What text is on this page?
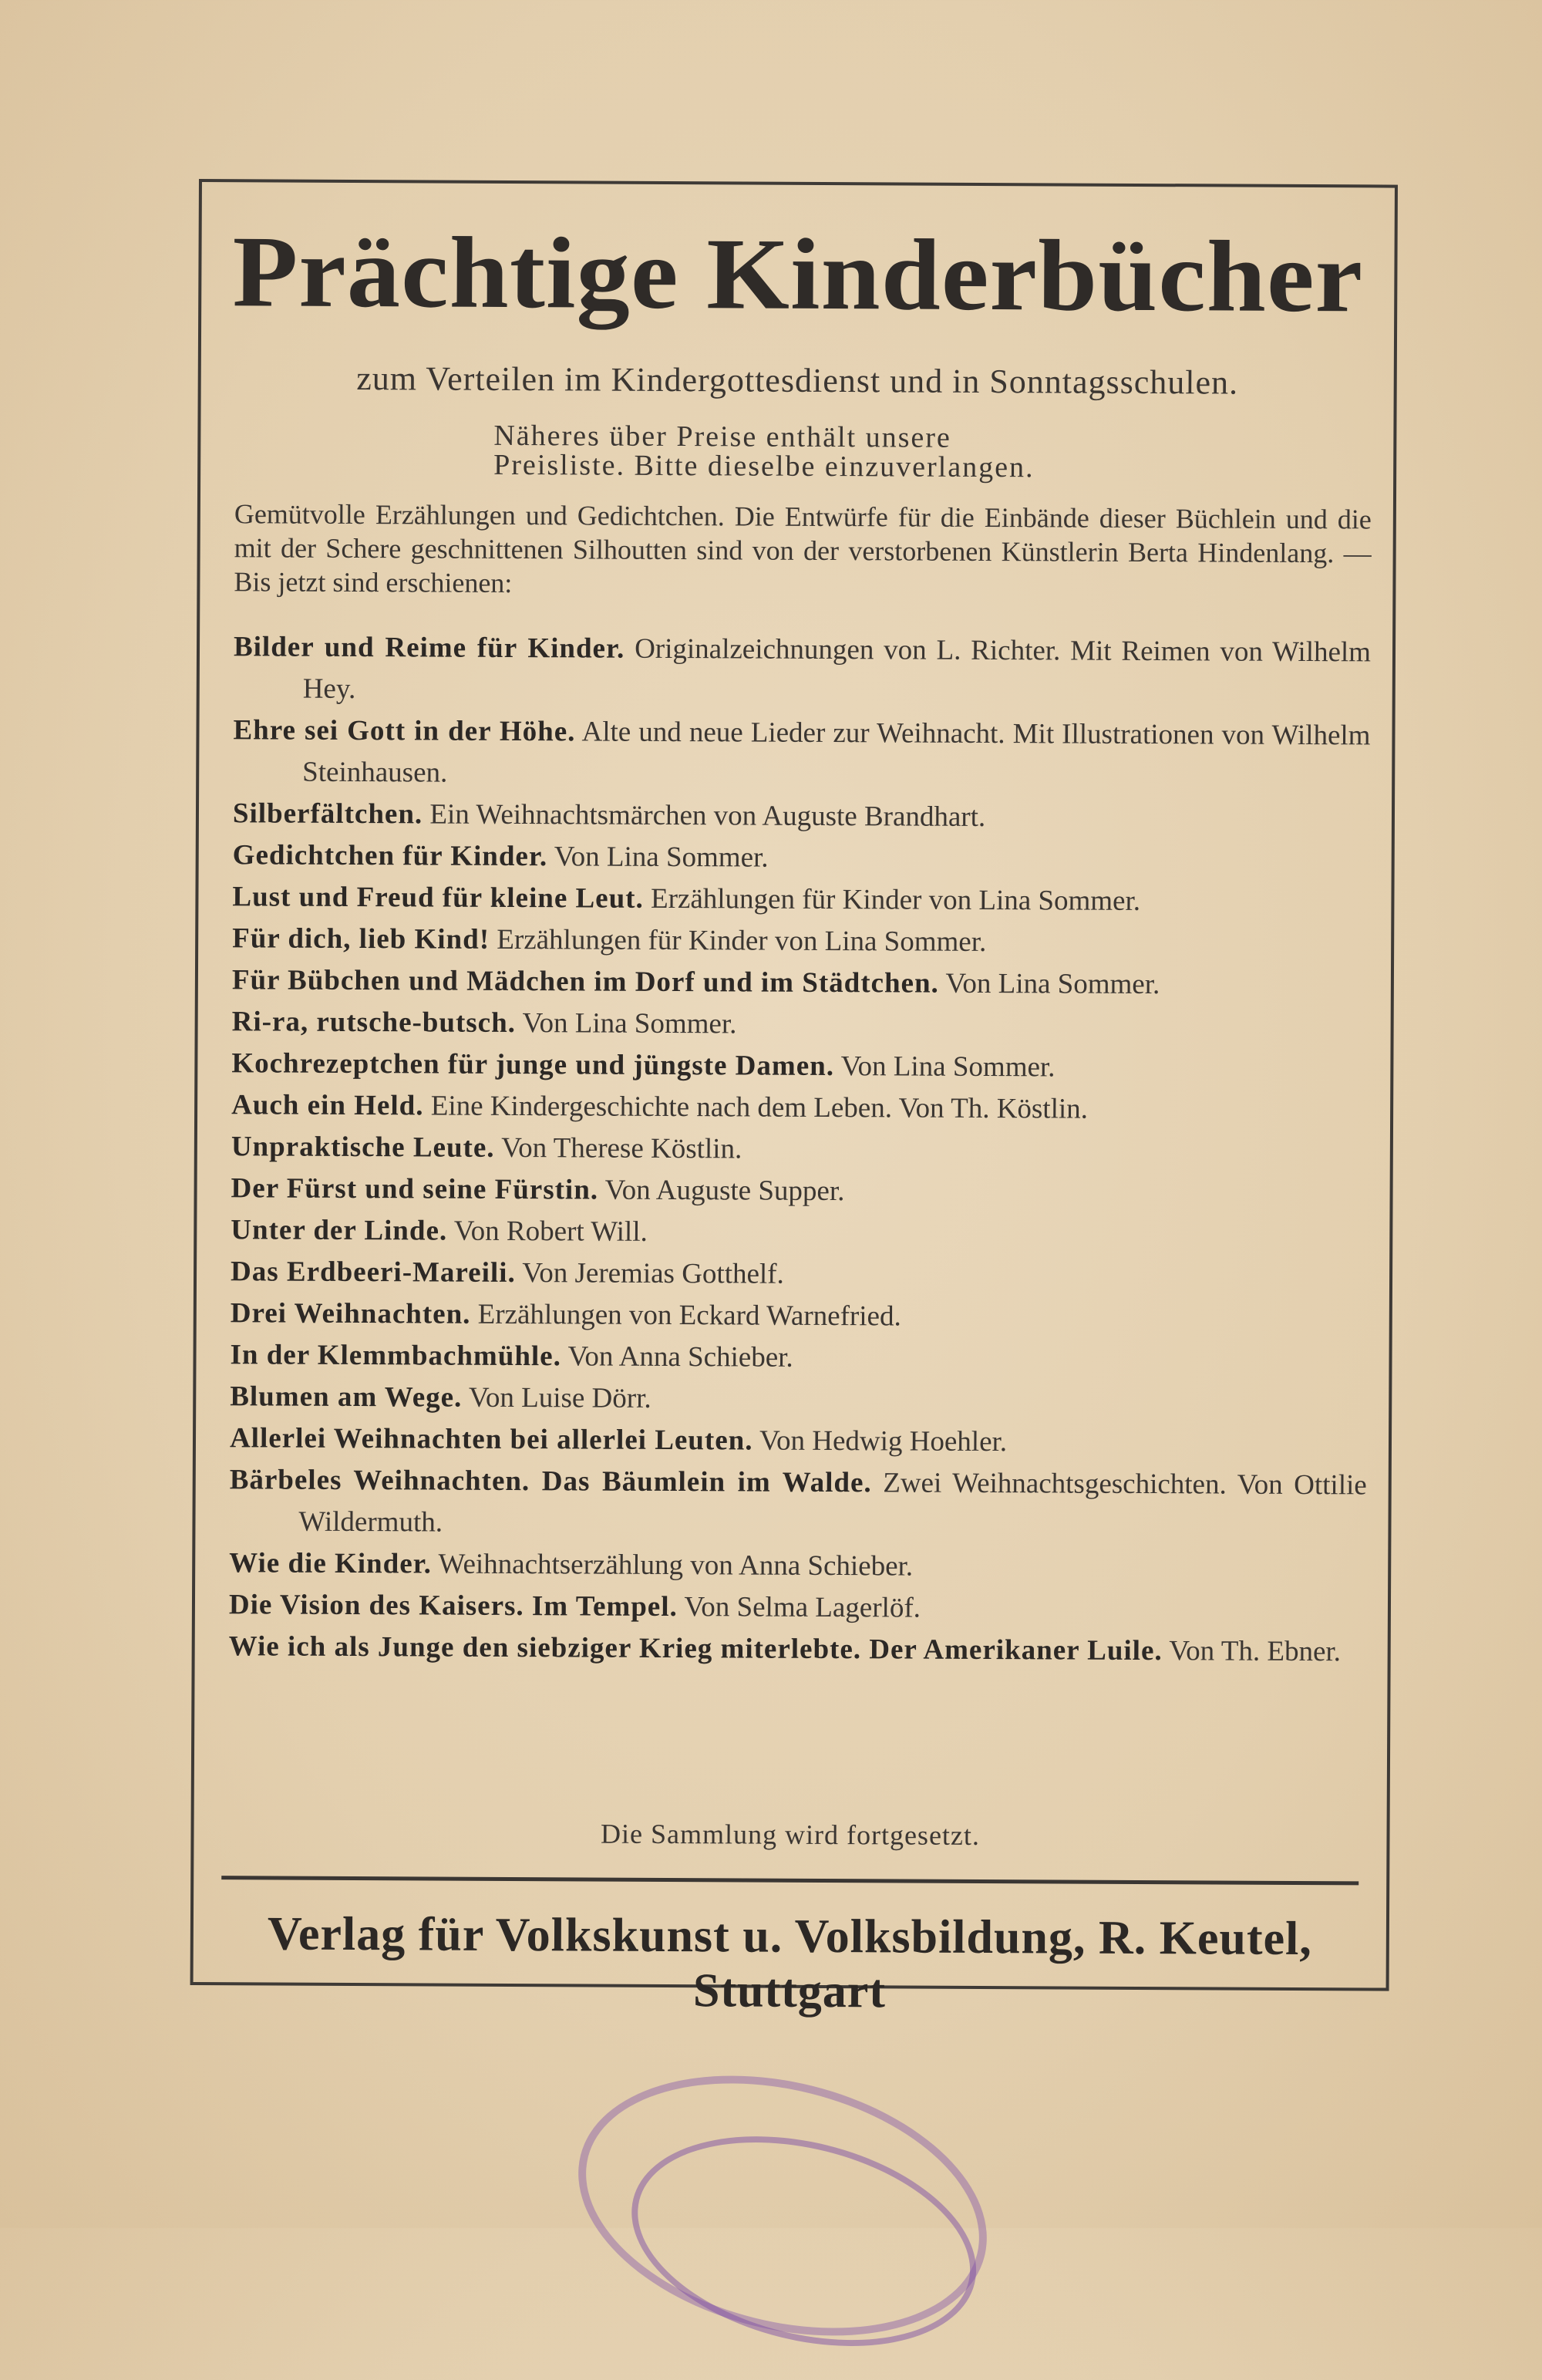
Prächtige Kinderbücher
zum Verteilen im Kindergottesdienst und in Sonntagsschulen.
Näheres über Preise enthält unsere
Preisliste. Bitte dieselbe einzuverlangen.
Gemütvolle Erzählungen und Gedichtchen. Die Entwürfe für die Einbände dieser Büchlein und die mit der Schere geschnittenen Silhoutten sind von der verstorbenen Künstlerin Berta Hindenlang. — Bis jetzt sind erschienen:
Bilder und Reime für Kinder. Originalzeichnungen von L. Richter. Mit Reimen von Wilhelm Hey.
Ehre sei Gott in der Höhe. Alte und neue Lieder zur Weihnacht. Mit Illustrationen von Wilhelm Steinhausen.
Silberfältchen. Ein Weihnachtsmärchen von Auguste Brandhart.
Gedichtchen für Kinder. Von Lina Sommer.
Lust und Freud für kleine Leut. Erzählungen für Kinder von Lina Sommer.
Für dich, lieb Kind! Erzählungen für Kinder von Lina Sommer.
Für Bübchen und Mädchen im Dorf und im Städtchen. Von Lina Sommer.
Ri-ra, rutsche-butsch. Von Lina Sommer.
Kochrezeptchen für junge und jüngste Damen. Von Lina Sommer.
Auch ein Held. Eine Kindergeschichte nach dem Leben. Von Th. Köstlin.
Unpraktische Leute. Von Therese Köstlin.
Der Fürst und seine Fürstin. Von Auguste Supper.
Unter der Linde. Von Robert Will.
Das Erdbeeri-Mareili. Von Jeremias Gotthelf.
Drei Weihnachten. Erzählungen von Eckard Warnefried.
In der Klemmbachmühle. Von Anna Schieber.
Blumen am Wege. Von Luise Dörr.
Allerlei Weihnachten bei allerlei Leuten. Von Hedwig Hoehler.
Bärbeles Weihnachten. Das Bäumlein im Walde. Zwei Weihnachtsgeschichten. Von Ottilie Wildermuth.
Wie die Kinder. Weihnachtserzählung von Anna Schieber.
Die Vision des Kaisers. Im Tempel. Von Selma Lagerlöf.
Wie ich als Junge den siebziger Krieg miterlebte. Der Amerikaner Luile. Von Th. Ebner.
Die Sammlung wird fortgesetzt.
Verlag für Volkskunst u. Volksbildung, R. Keutel, Stuttgart
